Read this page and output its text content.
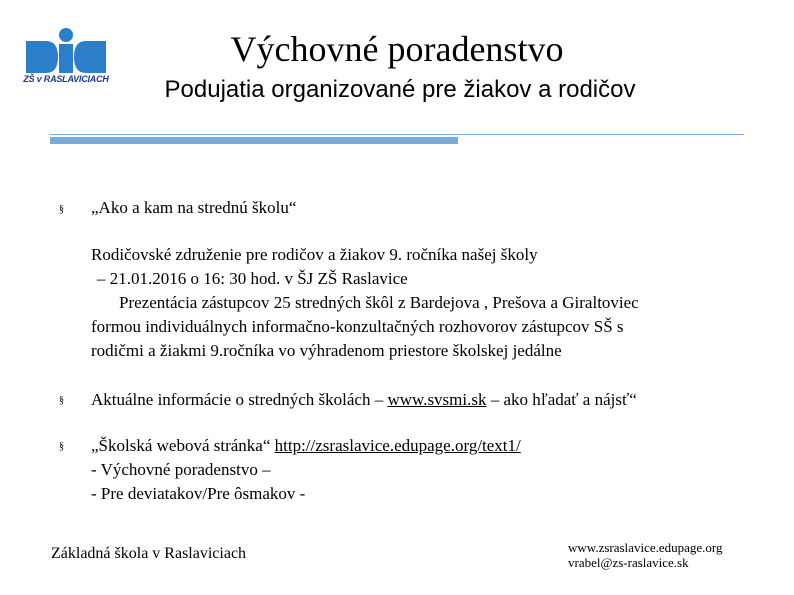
ZŠ v RASLAVICIACH
Výchovné poradenstvo
Podujatia organizované pre žiakov a rodičov
§ „Ako a kam na strednú školu“
Rodičovské združenie pre rodičov a žiakov 9. ročníka našej školy
– 21.01.2016 o 16: 30 hod. v ŠJ ZŠ Raslavice
Prezentácia zástupcov 25 stredných škôl z Bardejova , Prešova a Giraltoviec
formou individuálnych informačno-konzultačných rozhovorov zástupcov SŠ s
rodičmi a žiakmi 9.ročníka vo výhradenom priestore školskej jedálne
§ Aktuálne informácie o stredných školách – www.svsmi.sk – ako hľadať a nájsť“
§ „Školská webová stránka“ http://zsraslavice.edupage.org/text1/
- Výchovné poradenstvo –
- Pre deviatakov/Pre ôsmakov -
Základná škola v Raslaviciach	www.zsraslavice.edupage.org
vrabel@zs-raslavice.sk
